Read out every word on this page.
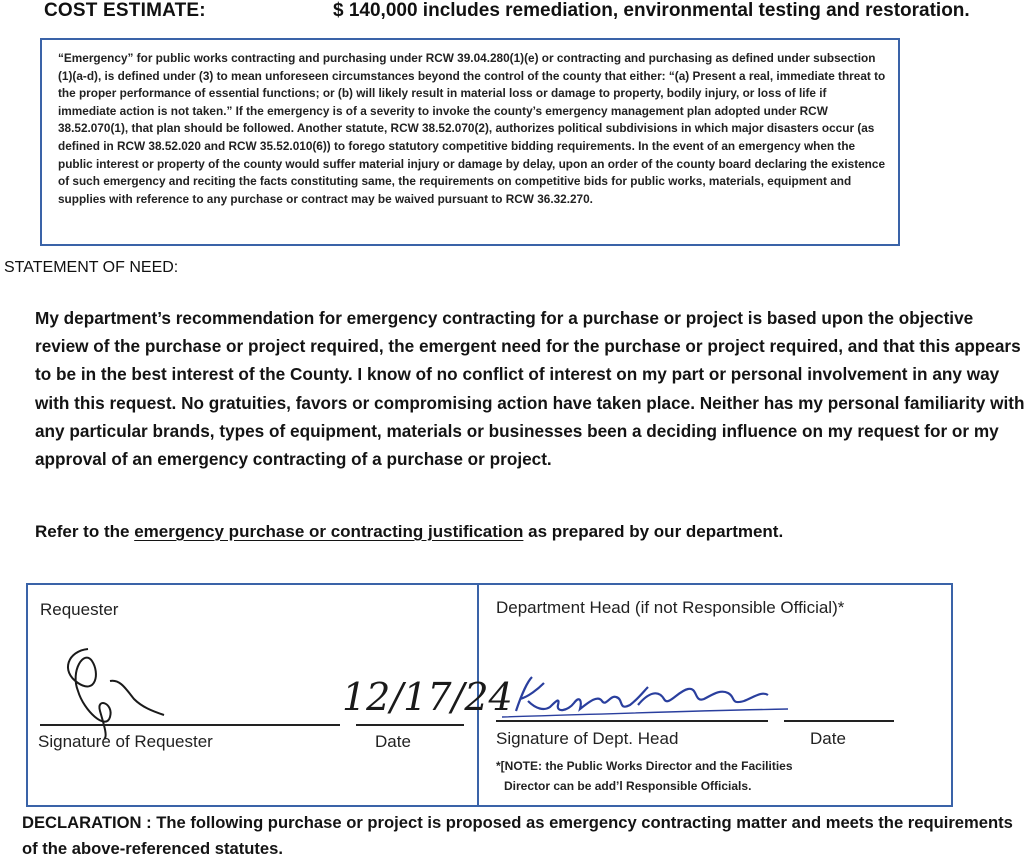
COST ESTIMATE:	$ 140,000 includes remediation, environmental testing and restoration.
“Emergency” for public works contracting and purchasing under RCW 39.04.280(1)(e) or contracting and purchasing as defined under subsection (1)(a-d), is defined under (3) to mean unforeseen circumstances beyond the control of the county that either: “(a) Present a real, immediate threat to the proper performance of essential functions; or (b) will likely result in material loss or damage to property, bodily injury, or loss of life if immediate action is not taken.” If the emergency is of a severity to invoke the county’s emergency management plan adopted under RCW 38.52.070(1), that plan should be followed. Another statute, RCW 38.52.070(2), authorizes political subdivisions in which major disasters occur (as defined in RCW 38.52.020 and RCW 35.52.010(6)) to forego statutory competitive bidding requirements. In the event of an emergency when the public interest or property of the county would suffer material injury or damage by delay, upon an order of the county board declaring the existence of such emergency and reciting the facts constituting same, the requirements on competitive bids for public works, materials, equipment and supplies with reference to any purchase or contract may be waived pursuant to RCW 36.32.270.
STATEMENT OF NEED:
My department’s recommendation for emergency contracting for a purchase or project is based upon the objective review of the purchase or project required, the emergent need for the purchase or project required, and that this appears to be in the best interest of the County. I know of no conflict of interest on my part or personal involvement in any way with this request. No gratuities, favors or compromising action have taken place. Neither has my personal familiarity with any particular brands, types of equipment, materials or businesses been a deciding influence on my request for or my approval of an emergency contracting of a purchase or project.
Refer to the emergency purchase or contracting justification as prepared by our department.
Requester
12/17/24
Signature of Requester	Date
Department Head (if not Responsible Official)*
Signature of Dept. Head	Date
*[NOTE: the Public Works Director and the Facilities
Director can be add’l Responsible Officials.
DECLARATION : The following purchase or project is proposed as emergency contracting matter and meets the requirements of the above-referenced statutes.
